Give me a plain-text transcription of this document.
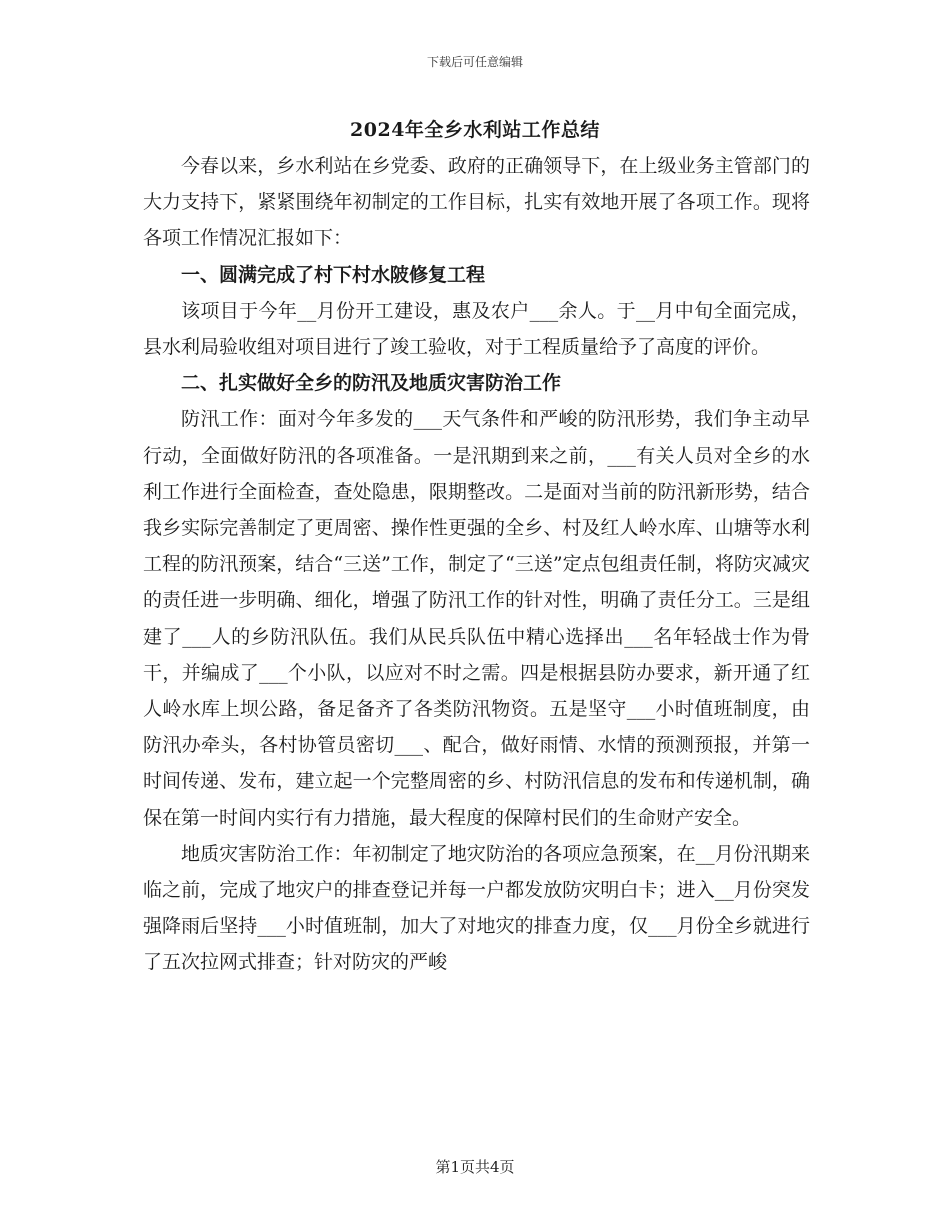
下载后可任意编辑
2024年全乡水利站工作总结

今春以来，乡水利站在乡党委、政府的正确领导下，在上级业务主管部门的大力支持下，紧紧围绕年初制定的工作目标，扎实有效地开展了各项工作。现将各项工作情况汇报如下：

一、圆满完成了村下村水陂修复工程

该项目于今年__月份开工建设，惠及农户___余人。于__月中旬全面完成，县水利局验收组对项目进行了竣工验收，对于工程质量给予了高度的评价。

二、扎实做好全乡的防汛及地质灾害防治工作

防汛工作：面对今年多发的___天气条件和严峻的防汛形势，我们争主动早行动，全面做好防汛的各项准备。一是汛期到来之前，___有关人员对全乡的水利工作进行全面检查，查处隐患，限期整改。二是面对当前的防汛新形势，结合我乡实际完善制定了更周密、操作性更强的全乡、村及红人岭水库、山塘等水利工程的防汛预案，结合“三送”工作，制定了“三送”定点包组责任制，将防灾减灾的责任进一步明确、细化，增强了防汛工作的针对性，明确了责任分工。三是组建了___人的乡防汛队伍。我们从民兵队伍中精心选择出___名年轻战士作为骨干，并编成了___个小队，以应对不时之需。四是根据县防办要求，新开通了红人岭水库上坝公路，备足备齐了各类防汛物资。五是坚守___小时值班制度，由防汛办牵头，各村协管员密切___、配合，做好雨情、水情的预测预报，并第一时间传递、发布，建立起一个完整周密的乡、村防汛信息的发布和传递机制，确保在第一时间内实行有力措施，最大程度的保障村民们的生命财产安全。

地质灾害防治工作：年初制定了地灾防治的各项应急预案，在__月份汛期来临之前，完成了地灾户的排查登记并每一户都发放防灾明白卡；进入__月份突发强降雨后坚持___小时值班制，加大了对地灾的排查力度，仅___月份全乡就进行了五次拉网式排查；针对防灾的严峻

第1页共4页
